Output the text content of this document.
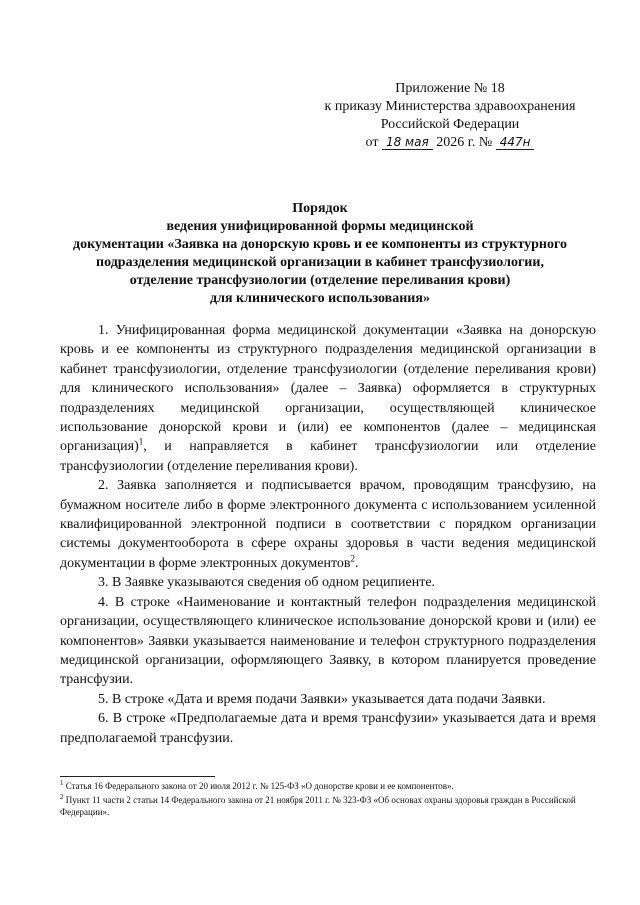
Приложение № 18
к приказу Министерства здравоохранения
Российской Федерации
от 18 мая 2026 г. № 447н
Порядок
ведения унифицированной формы медицинской
документации «Заявка на донорскую кровь и ее компоненты из структурного
подразделения медицинской организации в кабинет трансфузиологии,
отделение трансфузиологии (отделение переливания крови)
для клинического использования»

1. Унифицированная форма медицинской документации «Заявка на донорскую кровь и ее компоненты из структурного подразделения медицинской организации в кабинет трансфузиологии, отделение трансфузиологии (отделение переливания крови) для клинического использования» (далее – Заявка) оформляется в структурных подразделениях медицинской организации, осуществляющей клиническое использование донорской крови и (или) ее компонентов (далее – медицинская организация)$^1$, и направляется в кабинет трансфузиологии или отделение трансфузиологии (отделение переливания крови).

2. Заявка заполняется и подписывается врачом, проводящим трансфузию, на бумажном носителе либо в форме электронного документа с использованием усиленной квалифицированной электронной подписи в соответствии с порядком организации системы документооборота в сфере охраны здоровья в части ведения медицинской документации в форме электронных документов$^2$.

3. В Заявке указываются сведения об одном реципиенте.

4. В строке «Наименование и контактный телефон подразделения медицинской организации, осуществляющего клиническое использование донорской крови и (или) ее компонентов» Заявки указывается наименование и телефон структурного подразделения медицинской организации, оформляющего Заявку, в котором планируется проведение трансфузии.

5. В строке «Дата и время подачи Заявки» указывается дата подачи Заявки.

6. В строке «Предполагаемые дата и время трансфузии» указывается дата и время предполагаемой трансфузии.

$^1$ Статья 16 Федерального закона от 20 июля 2012 г. № 125-ФЗ «О донорстве крови и ее компонентов».

$^2$ Пункт 11 части 2 статьи 14 Федерального закона от 21 ноября 2011 г. № 323-ФЗ «Об основах охраны здоровья граждан в Российской Федерации».
